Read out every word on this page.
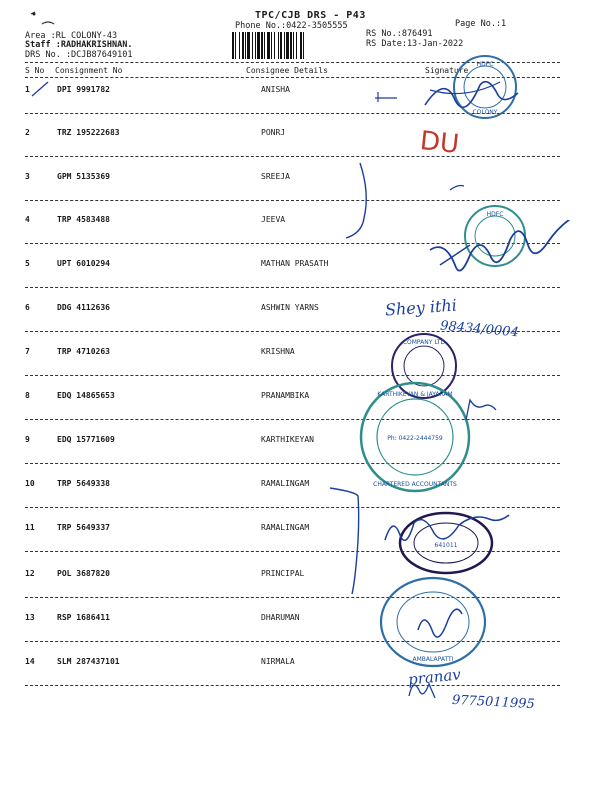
TPC/CJB DRS - P43
Phone No.:0422-3505555	Page No.:1
Area :RL COLONY-43
Staff :RADHAKRISHNAN.
DRS No. :DCJB87649101
RS No.:876491
RS Date:13-Jan-2022
S No Consignment No	Consignee Details	Signature
1	DPI 9991782	ANISHA
2	TRZ 195222683	PONRJ
3	GPM 5135369	SREEJA
4	TRP 4583488	JEEVA
5	UPT 6010294	MATHAN PRASATH
6	DDG 4112636	ASHWIN YARNS
7	TRP 4710263	KRISHNA
8	EDQ 14865653	PRANAMBIKA
9	EDQ 15771609	KARTHIKEYAN
10	TRP 5649338	RAMALINGAM
11	TRP 5649337	RAMALINGAM
12	POL 3687820	PRINCIPAL
13	RSP 1686411	DHARUMAN
14	SLM 287437101	NIRMALA
HDFC
COLONY
DU
HDFC
Shey ithi
98434/0004
COMPANY LTD
KARTHIKEYAN & JAYARAM
CHARTERED ACCOUNTANTS
Ph: 0422-2444759
641011
AMBALAPATTI
pranav
9775011995
